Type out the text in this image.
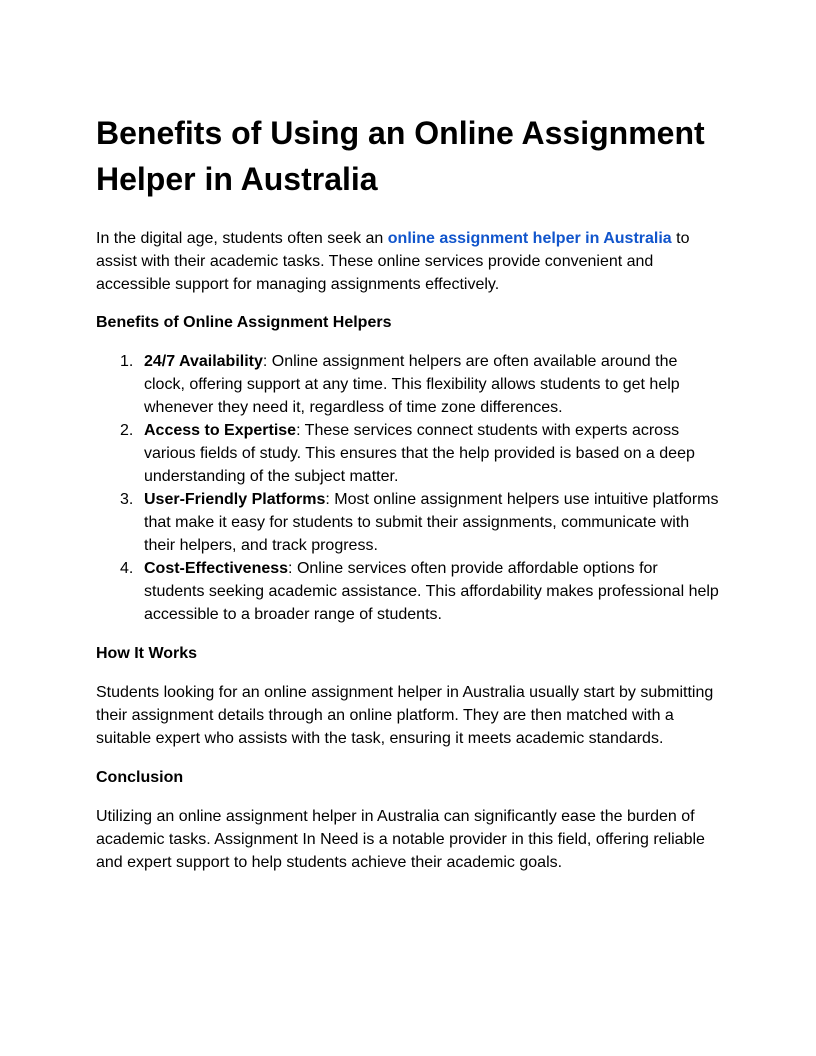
Benefits of Using an Online Assignment Helper in Australia

In the digital age, students often seek an online assignment helper in Australia to assist with their academic tasks. These online services provide convenient and accessible support for managing assignments effectively.

Benefits of Online Assignment Helpers
1. 24/7 Availability: Online assignment helpers are often available around the clock, offering support at any time. This flexibility allows students to get help whenever they need it, regardless of time zone differences.
2. Access to Expertise: These services connect students with experts across various fields of study. This ensures that the help provided is based on a deep understanding of the subject matter.
3. User-Friendly Platforms: Most online assignment helpers use intuitive platforms that make it easy for students to submit their assignments, communicate with their helpers, and track progress.
4. Cost-Effectiveness: Online services often provide affordable options for students seeking academic assistance. This affordability makes professional help accessible to a broader range of students.
How It Works

Students looking for an online assignment helper in Australia usually start by submitting their assignment details through an online platform. They are then matched with a suitable expert who assists with the task, ensuring it meets academic standards.

Conclusion

Utilizing an online assignment helper in Australia can significantly ease the burden of academic tasks. Assignment In Need is a notable provider in this field, offering reliable and expert support to help students achieve their academic goals.
